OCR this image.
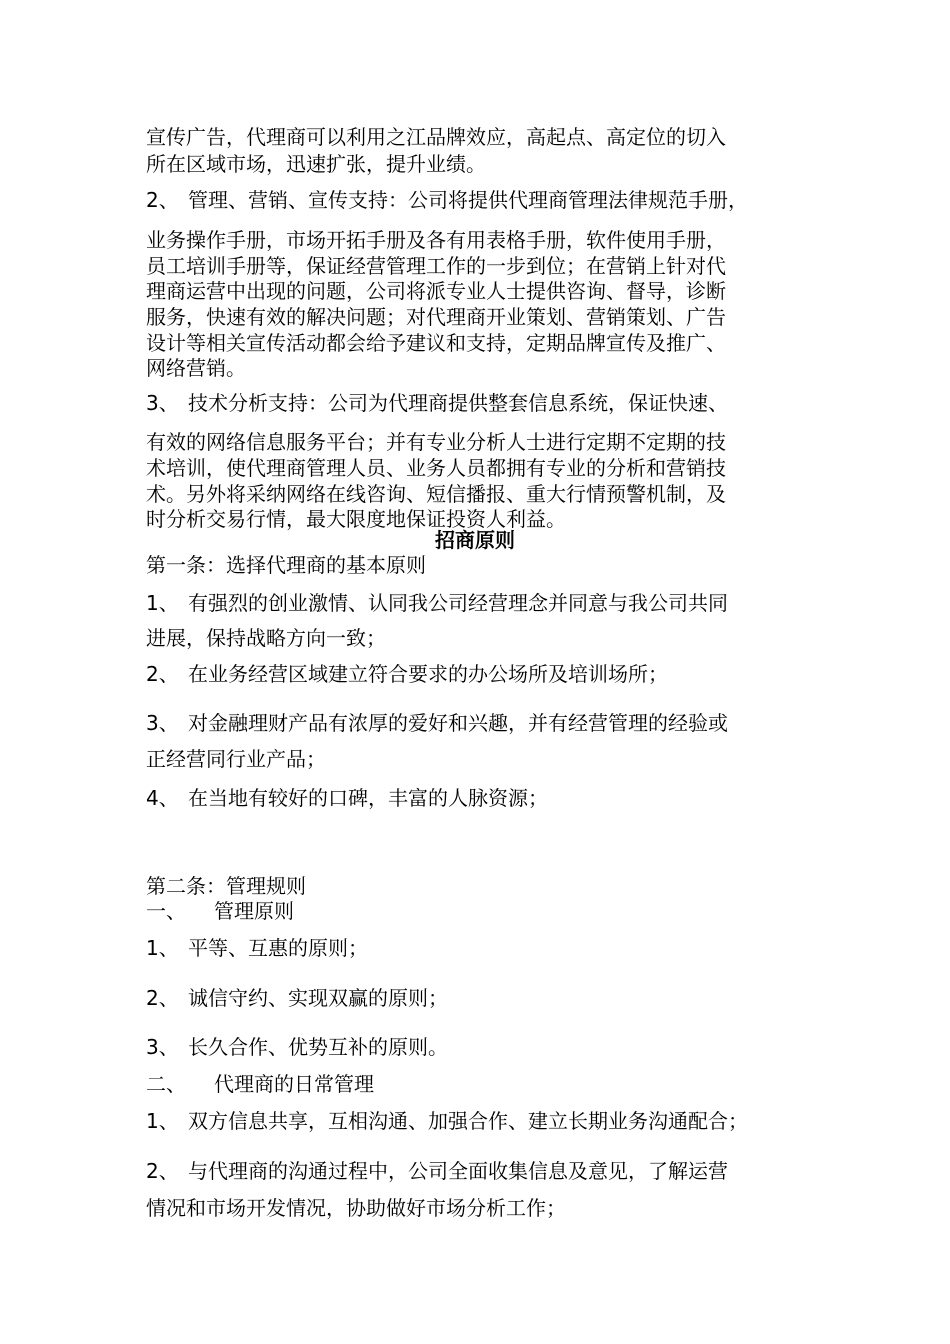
宣传广告，代理商可以利用之江品牌效应，高起点、高定位的切入
所在区域市场，迅速扩张，提升业绩。
2、 管理、营销、宣传支持：公司将提供代理商管理法律规范手册，
业务操作手册，市场开拓手册及各有用表格手册，软件使用手册，
员工培训手册等，保证经营管理工作的一步到位；在营销上针对代
理商运营中出现的问题，公司将派专业人士提供咨询、督导，诊断
服务，快速有效的解决问题；对代理商开业策划、营销策划、广告
设计等相关宣传活动都会给予建议和支持，定期品牌宣传及推广、
网络营销。
3、 技术分析支持：公司为代理商提供整套信息系统，保证快速、
有效的网络信息服务平台；并有专业分析人士进行定期不定期的技
术培训，使代理商管理人员、业务人员都拥有专业的分析和营销技
术。另外将采纳网络在线咨询、短信播报、重大行情预警机制，及
时分析交易行情，最大限度地保证投资人利益。
招商原则
第一条：选择代理商的基本原则
1、 有强烈的创业激情、认同我公司经营理念并同意与我公司共同
进展，保持战略方向一致；
2、 在业务经营区域建立符合要求的办公场所及培训场所；
3、 对金融理财产品有浓厚的爱好和兴趣，并有经营管理的经验或
正经营同行业产品；
4、 在当地有较好的口碑，丰富的人脉资源；
第二条：管理规则
一、 管理原则
1、 平等、互惠的原则；
2、 诚信守约、实现双赢的原则；
3、 长久合作、优势互补的原则。
二、 代理商的日常管理
1、 双方信息共享，互相沟通、加强合作、建立长期业务沟通配合；
2、 与代理商的沟通过程中，公司全面收集信息及意见，了解运营
情况和市场开发情况，协助做好市场分析工作；
